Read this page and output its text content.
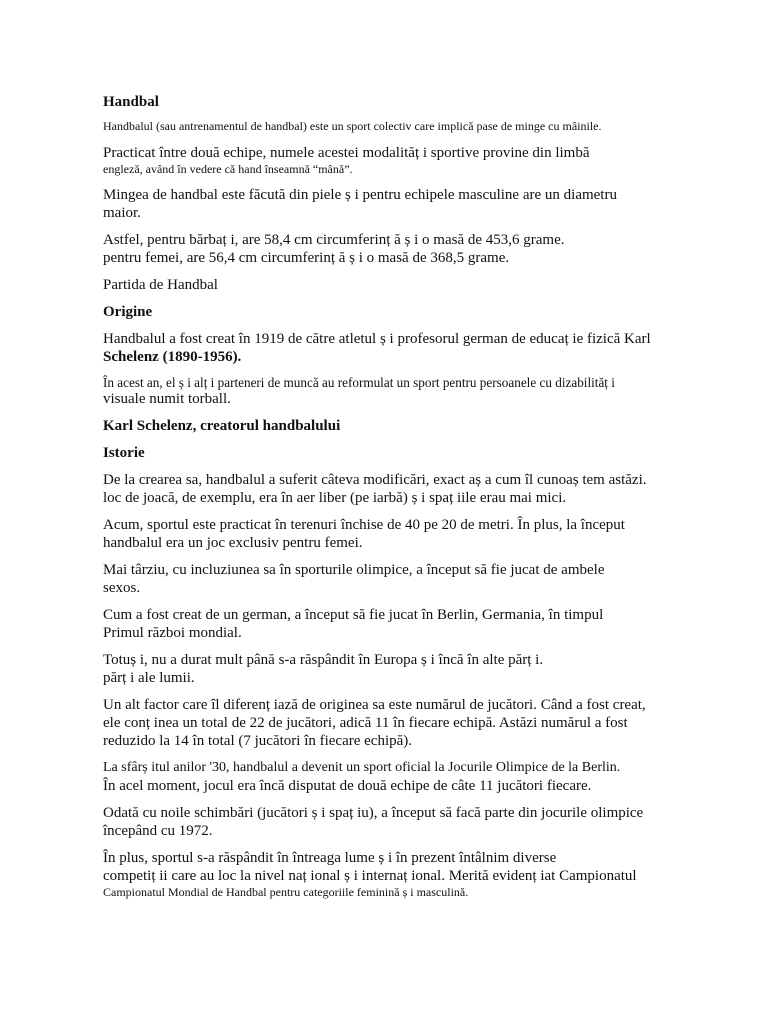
Handbal
Handbalul (sau antrenamentul de handbal) este un sport colectiv care implică pase de minge cu mâinile.
Practicat între două echipe, numele acestei modalităț i sportive provine din limbă
engleză, având în vedere că hand înseamnă “mână”.
Mingea de handbal este făcută din piele ș i pentru echipele masculine are un diametru
maior.
Astfel, pentru bărbaț i, are 58,4 cm circumferinț ă ș i o masă de 453,6 grame.
pentru femei, are 56,4 cm circumferinț ă ș i o masă de 368,5 grame.
Partida de Handbal
Origine
Handbalul a fost creat în 1919 de către atletul ș i profesorul german de educaț ie fizică Karl
Schelenz (1890-1956).
În acest an, el ș i alț i parteneri de muncă au reformulat un sport pentru persoanele cu dizabilităț i
visuale numit torball.
Karl Schelenz, creatorul handbalului
Istorie
De la crearea sa, handbalul a suferit câteva modificări, exact aș a cum îl cunoaș tem astăzi.
loc de joacă, de exemplu, era în aer liber (pe iarbă) ș i spaț iile erau mai mici.
Acum, sportul este practicat în terenuri închise de 40 pe 20 de metri. În plus, la început
handbalul era un joc exclusiv pentru femei.
Mai târziu, cu incluziunea sa în sporturile olimpice, a început să fie jucat de ambele
sexos.
Cum a fost creat de un german, a început să fie jucat în Berlin, Germania, în timpul
Primul război mondial.
Totuș i, nu a durat mult până s-a răspândit în Europa ș i încă în alte părț i.
părț i ale lumii.
Un alt factor care îl diferenț iază de originea sa este numărul de jucători. Când a fost creat,
ele conț inea un total de 22 de jucători, adică 11 în fiecare echipă. Astăzi numărul a fost
reduzido la 14 în total (7 jucători în fiecare echipă).
La sfârș itul anilor '30, handbalul a devenit un sport oficial la Jocurile Olimpice de la Berlin.
În acel moment, jocul era încă disputat de două echipe de câte 11 jucători fiecare.
Odată cu noile schimbări (jucători ș i spaț iu), a început să facă parte din jocurile olimpice
începând cu 1972.
În plus, sportul s-a răspândit în întreaga lume ș i în prezent întâlnim diverse
competiț ii care au loc la nivel naț ional ș i internaț ional. Merită evidenț iat Campionatul
Campionatul Mondial de Handbal pentru categoriile feminină ș i masculină.
